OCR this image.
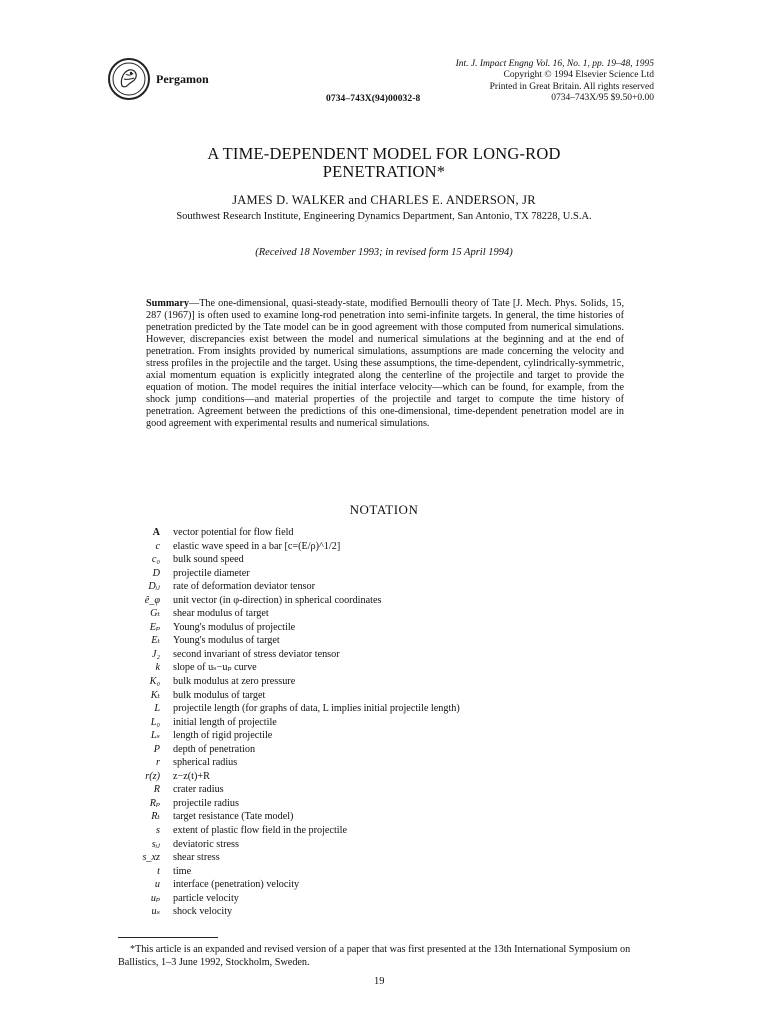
Pergamon
0734–743X(94)00032-8
Int. J. Impact Engng Vol. 16, No. 1, pp. 19–48, 1995
Copyright © 1994 Elsevier Science Ltd
Printed in Great Britain. All rights reserved
0734–743X/95 $9.50+0.00
A TIME-DEPENDENT MODEL FOR LONG-ROD
PENETRATION*
JAMES D. WALKER and CHARLES E. ANDERSON, JR
Southwest Research Institute, Engineering Dynamics Department, San Antonio, TX 78228, U.S.A.
(Received 18 November 1993; in revised form 15 April 1994)
Summary—The one-dimensional, quasi-steady-state, modified Bernoulli theory of Tate [J. Mech. Phys. Solids, 15, 287 (1967)] is often used to examine long-rod penetration into semi-infinite targets. In general, the time histories of penetration predicted by the Tate model can be in good agreement with those computed from numerical simulations. However, discrepancies exist between the model and numerical simulations at the beginning and at the end of penetration. From insights provided by numerical simulations, assumptions are made concerning the velocity and stress profiles in the projectile and the target. Using these assumptions, the time-dependent, cylindrically-symmetric, axial momentum equation is explicitly integrated along the centerline of the projectile and target to provide the equation of motion. The model requires the initial interface velocity—which can be found, for example, from the shock jump conditions—and material properties of the projectile and target to compute the time history of penetration. Agreement between the predictions of this one-dimensional, time-dependent penetration model are in good agreement with experimental results and numerical simulations.
NOTATION
A	vector potential for flow field
c	elastic wave speed in a bar [c=(E/ρ)^1/2]
c₀	bulk sound speed
D	projectile diameter
Dᵢⱼ	rate of deformation deviator tensor
ê_φ	unit vector (in φ-direction) in spherical coordinates
Gₜ	shear modulus of target
Eₚ	Young's modulus of projectile
Eₜ	Young's modulus of target
J₂	second invariant of stress deviator tensor
k	slope of uₛ−uₚ curve
K₀	bulk modulus at zero pressure
Kₜ	bulk modulus of target
L	projectile length (for graphs of data, L implies initial projectile length)
L₀	initial length of projectile
Lₛ	length of rigid projectile
P	depth of penetration
r	spherical radius
r(z)	z−z(t)+R
R	crater radius
Rₚ	projectile radius
Rₜ	target resistance (Tate model)
s	extent of plastic flow field in the projectile
sᵢⱼ	deviatoric stress
s_xz	shear stress
t	time
u	interface (penetration) velocity
uₚ	particle velocity
uₛ	shock velocity
*This article is an expanded and revised version of a paper that was first presented at the 13th International Symposium on Ballistics, 1–3 June 1992, Stockholm, Sweden.
19
